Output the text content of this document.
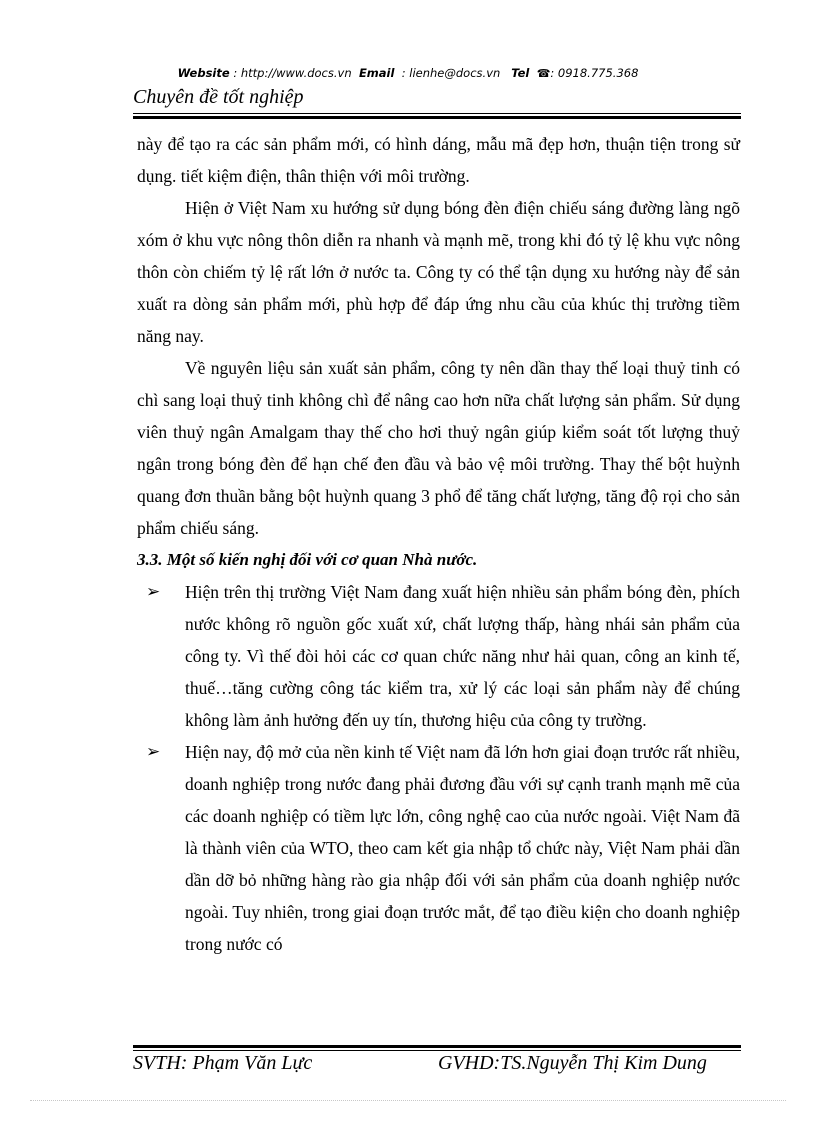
Website : http://www.docs.vn Email : lienhe@docs.vn Tel ☎: 0918.775.368
Chuyên đề tốt nghiệp

này để tạo ra các sản phẩm mới, có hình dáng, mẫu mã đẹp hơn, thuận tiện trong sử dụng. tiết kiệm điện, thân thiện với môi trường.

Hiện ở Việt Nam xu hướng sử dụng bóng đèn điện chiếu sáng đường làng ngõ xóm ở khu vực nông thôn diễn ra nhanh và mạnh mẽ, trong khi đó tỷ lệ khu vực nông thôn còn chiếm tỷ lệ rất lớn ở nước ta. Công ty có thể tận dụng xu hướng này để sản xuất ra dòng sản phẩm mới, phù hợp để đáp ứng nhu cầu của khúc thị trường tiềm năng nay.

Về nguyên liệu sản xuất sản phẩm, công ty nên dần thay thế loại thuỷ tinh có chì sang loại thuỷ tinh không chì để nâng cao hơn nữa chất lượng sản phẩm. Sử dụng viên thuỷ ngân Amalgam thay thế cho hơi thuỷ ngân giúp kiểm soát tốt lượng thuỷ ngân trong bóng đèn để hạn chế đen đầu và bảo vệ môi trường. Thay thế bột huỳnh quang đơn thuần bằng bột huỳnh quang 3 phổ để tăng chất lượng, tăng độ rọi cho sản phẩm chiếu sáng.

3.3. Một số kiến nghị đối với cơ quan Nhà nước.

➢ Hiện trên thị trường Việt Nam đang xuất hiện nhiều sản phẩm bóng đèn, phích nước không rõ nguồn gốc xuất xứ, chất lượng thấp, hàng nhái sản phẩm của công ty. Vì thế đòi hỏi các cơ quan chức năng như hải quan, công an kinh tế, thuế…tăng cường công tác kiểm tra, xử lý các loại sản phẩm này để chúng không làm ảnh hưởng đến uy tín, thương hiệu của công ty trường.
➢ Hiện nay, độ mở của nền kinh tế Việt nam đã lớn hơn giai đoạn trước rất nhiều, doanh nghiệp trong nước đang phải đương đầu với sự cạnh tranh mạnh mẽ của các doanh nghiệp có tiềm lực lớn, công nghệ cao của nước ngoài. Việt Nam đã là thành viên của WTO, theo cam kết gia nhập tổ chức này, Việt Nam phải dần dần dỡ bỏ những hàng rào gia nhập đối với sản phẩm của doanh nghiệp nước ngoài. Tuy nhiên, trong giai đoạn trước mắt, để tạo điều kiện cho doanh nghiệp trong nước có
SVTH: Phạm Văn Lực	GVHD:TS.Nguyễn Thị Kim Dung
